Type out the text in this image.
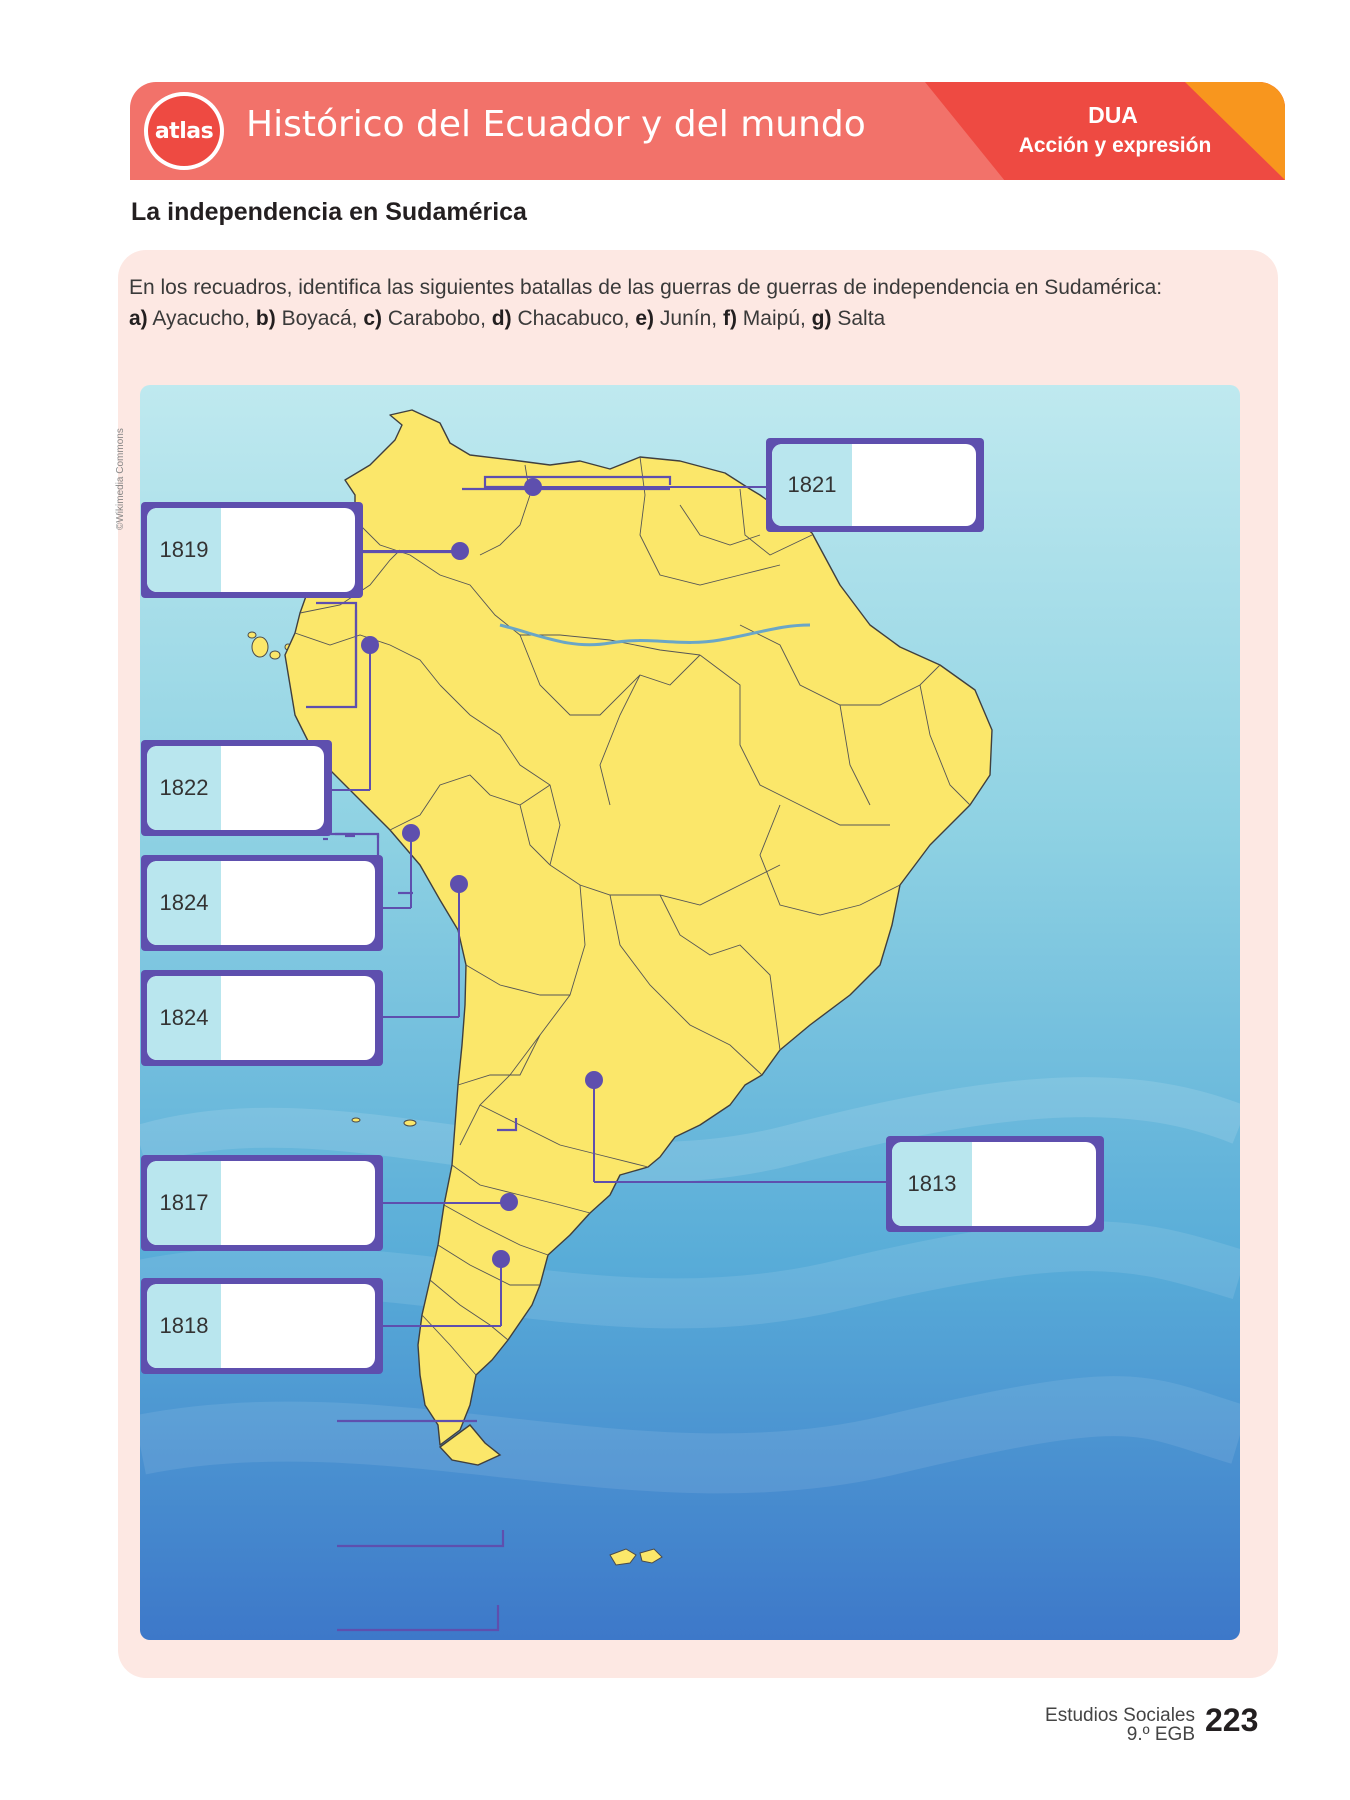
atlas Histórico del Ecuador y del mundo	DUA
Acción y expresión
La independencia en Sudamérica
En los recuadros, identifica las siguientes batallas de las guerras de guerras de independencia en Sudamérica:
a) Ayacucho, b) Boyacá, c) Carabobo, d) Chacabuco, e) Junín, f) Maipú, g) Salta
©Wikimedia Commons	1821
1819
1822
1824
1824
1817
1818
1813
Estudios Sociales
9.º EGB 223
